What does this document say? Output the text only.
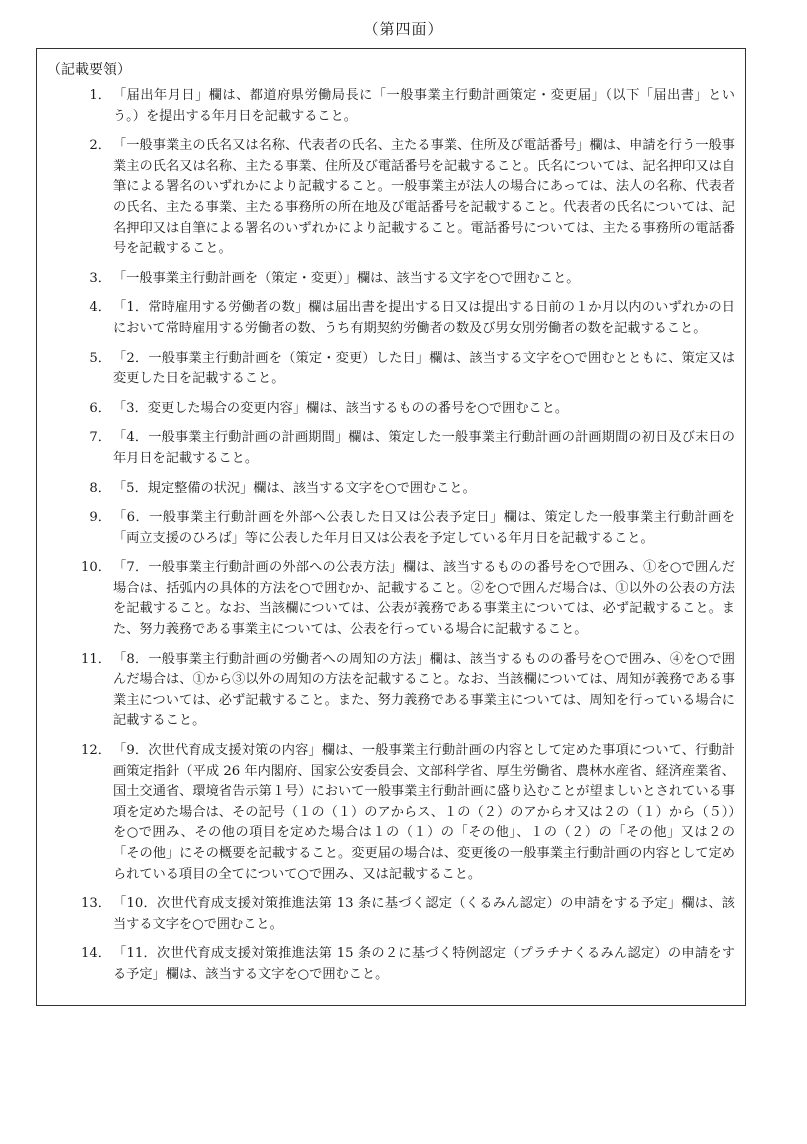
（第四面）
（記載要領）
1． 「届出年月日」欄は、都道府県労働局長に「一般事業主行動計画策定・変更届」（以下「届出書」という。）を提出する年月日を記載すること。
2． 「一般事業主の氏名又は名称、代表者の氏名、主たる事業、住所及び電話番号」欄は、申請を行う一般事業主の氏名又は名称、主たる事業、住所及び電話番号を記載すること。氏名については、記名押印又は自筆による署名のいずれかにより記載すること。一般事業主が法人の場合にあっては、法人の名称、代表者の氏名、主たる事業、主たる事務所の所在地及び電話番号を記載すること。代表者の氏名については、記名押印又は自筆による署名のいずれかにより記載すること。電話番号については、主たる事務所の電話番号を記載すること。
3． 「一般事業主行動計画を（策定・変更）」欄は、該当する文字を○で囲むこと。
4． 「1．常時雇用する労働者の数」欄は届出書を提出する日又は提出する日前の１か月以内のいずれかの日において常時雇用する労働者の数、うち有期契約労働者の数及び男女別労働者の数を記載すること。
5． 「2．一般事業主行動計画を（策定・変更）した日」欄は、該当する文字を○で囲むとともに、策定又は変更した日を記載すること。
6． 「3．変更した場合の変更内容」欄は、該当するものの番号を○で囲むこと。
7． 「4．一般事業主行動計画の計画期間」欄は、策定した一般事業主行動計画の計画期間の初日及び末日の年月日を記載すること。
8． 「5．規定整備の状況」欄は、該当する文字を○で囲むこと。
9． 「6．一般事業主行動計画を外部へ公表した日又は公表予定日」欄は、策定した一般事業主行動計画を「両立支援のひろば」等に公表した年月日又は公表を予定している年月日を記載すること。
10． 「7．一般事業主行動計画の外部への公表方法」欄は、該当するものの番号を○で囲み、①を○で囲んだ場合は、括弧内の具体的方法を○で囲むか、記載すること。②を○で囲んだ場合は、①以外の公表の方法を記載すること。なお、当該欄については、公表が義務である事業主については、必ず記載すること。また、努力義務である事業主については、公表を行っている場合に記載すること。
11． 「8．一般事業主行動計画の労働者への周知の方法」欄は、該当するものの番号を○で囲み、④を○で囲んだ場合は、①から③以外の周知の方法を記載すること。なお、当該欄については、周知が義務である事業主については、必ず記載すること。また、努力義務である事業主については、周知を行っている場合に記載すること。
12． 「9．次世代育成支援対策の内容」欄は、一般事業主行動計画の内容として定めた事項について、行動計画策定指針（平成 26 年内閣府、国家公安委員会、文部科学省、厚生労働省、農林水産省、経済産業省、国土交通省、環境省告示第１号）において一般事業主行動計画に盛り込むことが望ましいとされている事項を定めた場合は、その記号（１の（１）のアからス、１の（２）のアからオ又は２の（１）から（５））を○で囲み、その他の項目を定めた場合は１の（１）の「その他」、１の（２）の「その他」又は２の「その他」にその概要を記載すること。変更届の場合は、変更後の一般事業主行動計画の内容として定められている項目の全てについて○で囲み、又は記載すること。
13． 「10．次世代育成支援対策推進法第 13 条に基づく認定（くるみん認定）の申請をする予定」欄は、該当する文字を○で囲むこと。
14． 「11．次世代育成支援対策推進法第 15 条の２に基づく特例認定（プラチナくるみん認定）の申請をする予定」欄は、該当する文字を○で囲むこと。
